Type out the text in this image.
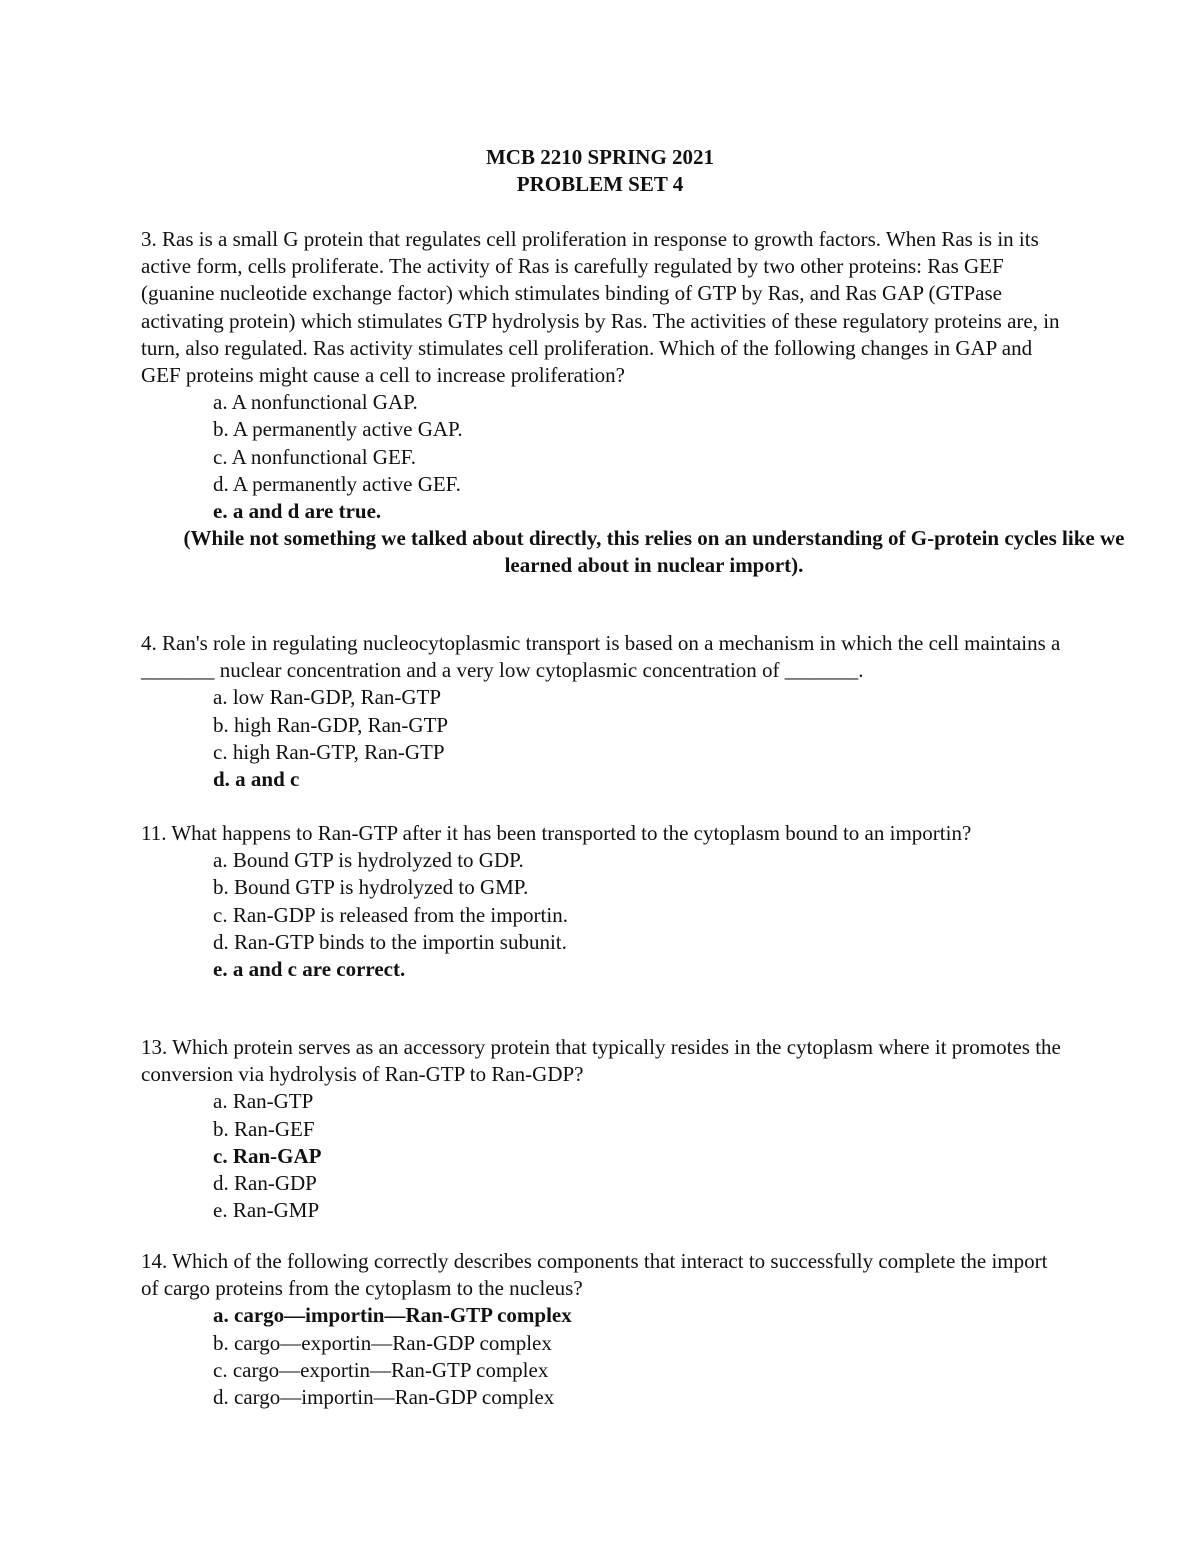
MCB 2210 SPRING 2021
PROBLEM SET 4

3. Ras is a small G protein that regulates cell proliferation in response to growth factors. When Ras is in its active form, cells proliferate. The activity of Ras is carefully regulated by two other proteins: Ras GEF (guanine nucleotide exchange factor) which stimulates binding of GTP by Ras, and Ras GAP (GTPase activating protein) which stimulates GTP hydrolysis by Ras. The activities of these regulatory proteins are, in turn, also regulated. Ras activity stimulates cell proliferation. Which of the following changes in GAP and GEF proteins might cause a cell to increase proliferation?

a. A nonfunctional GAP.

b. A permanently active GAP.

c. A nonfunctional GEF.

d. A permanently active GEF.

e. a and d are true.

(While not something we talked about directly, this relies on an understanding of G-protein cycles like we learned about in nuclear import).

4. Ran's role in regulating nucleocytoplasmic transport is based on a mechanism in which the cell maintains a _______ nuclear concentration and a very low cytoplasmic concentration of _______.

a. low Ran-GDP, Ran-GTP

b. high Ran-GDP, Ran-GTP

c. high Ran-GTP, Ran-GTP

d. a and c

11. What happens to Ran-GTP after it has been transported to the cytoplasm bound to an importin?

a. Bound GTP is hydrolyzed to GDP.

b. Bound GTP is hydrolyzed to GMP.

c. Ran-GDP is released from the importin.

d. Ran-GTP binds to the importin subunit.

e. a and c are correct.

13. Which protein serves as an accessory protein that typically resides in the cytoplasm where it promotes the conversion via hydrolysis of Ran-GTP to Ran-GDP?

a. Ran-GTP

b. Ran-GEF

c. Ran-GAP

d. Ran-GDP

e. Ran-GMP

14. Which of the following correctly describes components that interact to successfully complete the import of cargo proteins from the cytoplasm to the nucleus?

a. cargo—importin—Ran-GTP complex

b. cargo—exportin—Ran-GDP complex

c. cargo—exportin—Ran-GTP complex

d. cargo—importin—Ran-GDP complex
